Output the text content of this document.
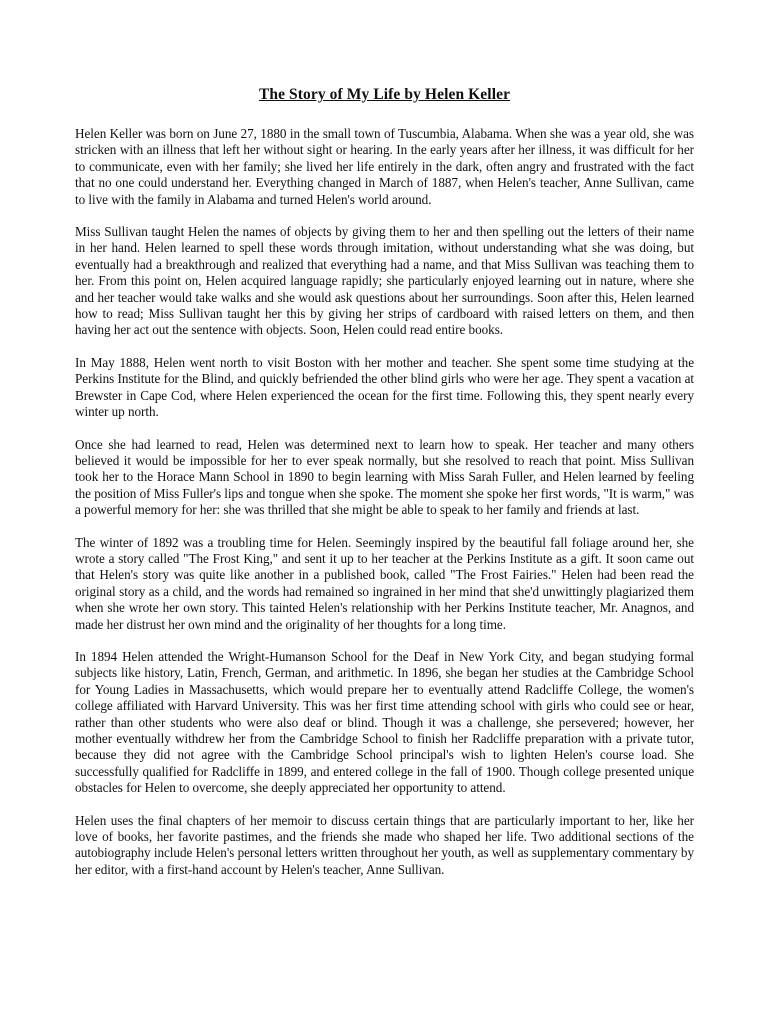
The Story of My Life by Helen Keller

Helen Keller was born on June 27, 1880 in the small town of Tuscumbia, Alabama. When she was a year old, she was stricken with an illness that left her without sight or hearing. In the early years after her illness, it was difficult for her to communicate, even with her family; she lived her life entirely in the dark, often angry and frustrated with the fact that no one could understand her. Everything changed in March of 1887, when Helen's teacher, Anne Sullivan, came to live with the family in Alabama and turned Helen's world around.

Miss Sullivan taught Helen the names of objects by giving them to her and then spelling out the letters of their name in her hand. Helen learned to spell these words through imitation, without understanding what she was doing, but eventually had a breakthrough and realized that everything had a name, and that Miss Sullivan was teaching them to her. From this point on, Helen acquired language rapidly; she particularly enjoyed learning out in nature, where she and her teacher would take walks and she would ask questions about her surroundings. Soon after this, Helen learned how to read; Miss Sullivan taught her this by giving her strips of cardboard with raised letters on them, and then having her act out the sentence with objects. Soon, Helen could read entire books.

In May 1888, Helen went north to visit Boston with her mother and teacher. She spent some time studying at the Perkins Institute for the Blind, and quickly befriended the other blind girls who were her age. They spent a vacation at Brewster in Cape Cod, where Helen experienced the ocean for the first time. Following this, they spent nearly every winter up north.

Once she had learned to read, Helen was determined next to learn how to speak. Her teacher and many others believed it would be impossible for her to ever speak normally, but she resolved to reach that point. Miss Sullivan took her to the Horace Mann School in 1890 to begin learning with Miss Sarah Fuller, and Helen learned by feeling the position of Miss Fuller's lips and tongue when she spoke. The moment she spoke her first words, "It is warm," was a powerful memory for her: she was thrilled that she might be able to speak to her family and friends at last.

The winter of 1892 was a troubling time for Helen. Seemingly inspired by the beautiful fall foliage around her, she wrote a story called "The Frost King," and sent it up to her teacher at the Perkins Institute as a gift. It soon came out that Helen's story was quite like another in a published book, called "The Frost Fairies." Helen had been read the original story as a child, and the words had remained so ingrained in her mind that she'd unwittingly plagiarized them when she wrote her own story. This tainted Helen's relationship with her Perkins Institute teacher, Mr. Anagnos, and made her distrust her own mind and the originality of her thoughts for a long time.

In 1894 Helen attended the Wright-Humanson School for the Deaf in New York City, and began studying formal subjects like history, Latin, French, German, and arithmetic. In 1896, she began her studies at the Cambridge School for Young Ladies in Massachusetts, which would prepare her to eventually attend Radcliffe College, the women's college affiliated with Harvard University. This was her first time attending school with girls who could see or hear, rather than other students who were also deaf or blind. Though it was a challenge, she persevered; however, her mother eventually withdrew her from the Cambridge School to finish her Radcliffe preparation with a private tutor, because they did not agree with the Cambridge School principal's wish to lighten Helen's course load. She successfully qualified for Radcliffe in 1899, and entered college in the fall of 1900. Though college presented unique obstacles for Helen to overcome, she deeply appreciated her opportunity to attend.

Helen uses the final chapters of her memoir to discuss certain things that are particularly important to her, like her love of books, her favorite pastimes, and the friends she made who shaped her life. Two additional sections of the autobiography include Helen's personal letters written throughout her youth, as well as supplementary commentary by her editor, with a first-hand account by Helen's teacher, Anne Sullivan.
